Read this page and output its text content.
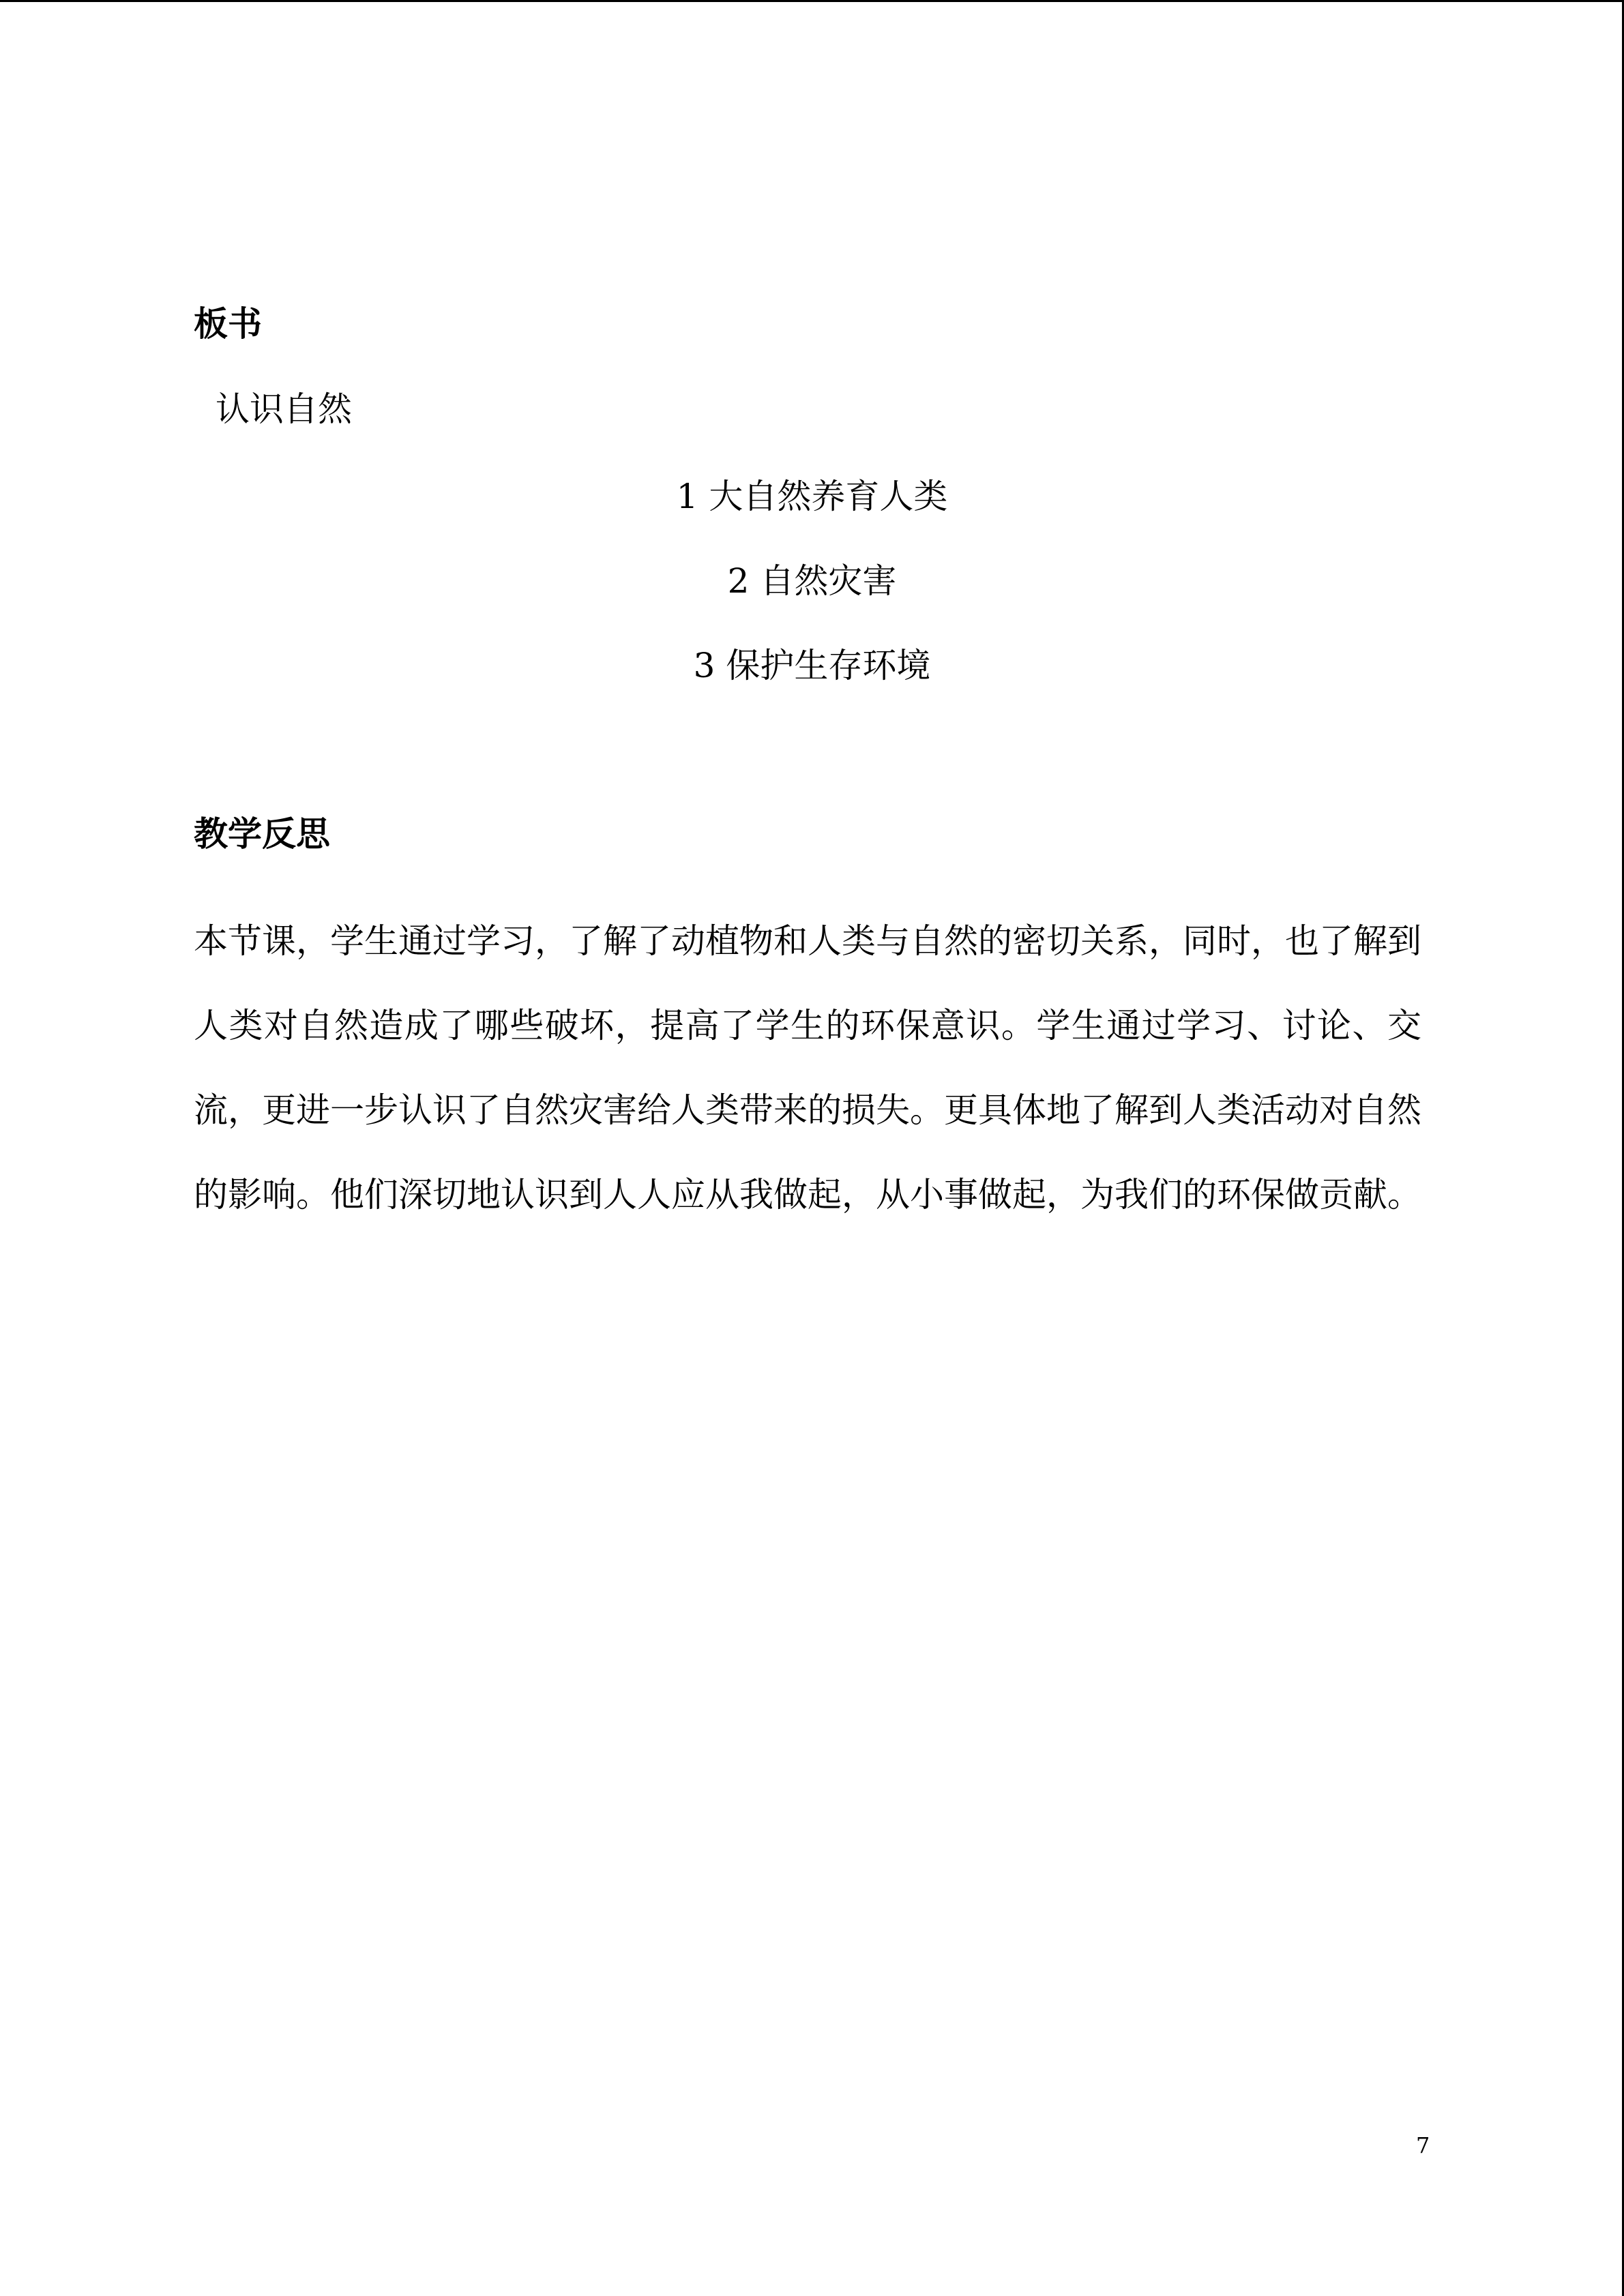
板书

认识自然

1 大自然养育人类
2 自然灾害
3 保护生存环境
教学反思

本节课，学生通过学习，了解了动植物和人类与自然的密切关系，同时，也了解到人类对自然造成了哪些破坏，提高了学生的环保意识。学生通过学习、讨论、交流，更进一步认识了自然灾害给人类带来的损失。更具体地了解到人类活动对自然的影响。他们深切地认识到人人应从我做起，从小事做起，为我们的环保做贡献。

7
